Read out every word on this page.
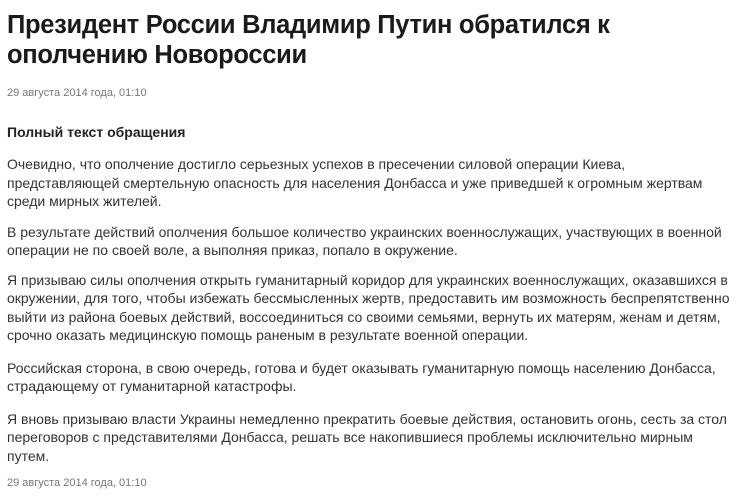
Президент России Владимир Путин обратился к ополчению Новороссии
29 августа 2014 года, 01:10
Полный текст обращения

Очевидно, что ополчение достигло серьезных успехов в пресечении силовой операции Киева, представляющей смертельную опасность для населения Донбасса и уже приведшей к огромным жертвам среди мирных жителей.

В результате действий ополчения большое количество украинских военнослужащих, участвующих в военной операции не по своей воле, а выполняя приказ, попало в окружение.

Я призываю силы ополчения открыть гуманитарный коридор для украинских военнослужащих, оказавшихся в окружении, для того, чтобы избежать бессмысленных жертв, предоставить им возможность беспрепятственно выйти из района боевых действий, воссоединиться со своими семьями, вернуть их матерям, женам и детям, срочно оказать медицинскую помощь раненым в результате военной операции.

Российская сторона, в свою очередь, готова и будет оказывать гуманитарную помощь населению Донбасса, страдающему от гуманитарной катастрофы.

Я вновь призываю власти Украины немедленно прекратить боевые действия, остановить огонь, сесть за стол переговоров с представителями Донбасса, решать все накопившиеся проблемы исключительно мирным путем.

29 августа 2014 года, 01:10
